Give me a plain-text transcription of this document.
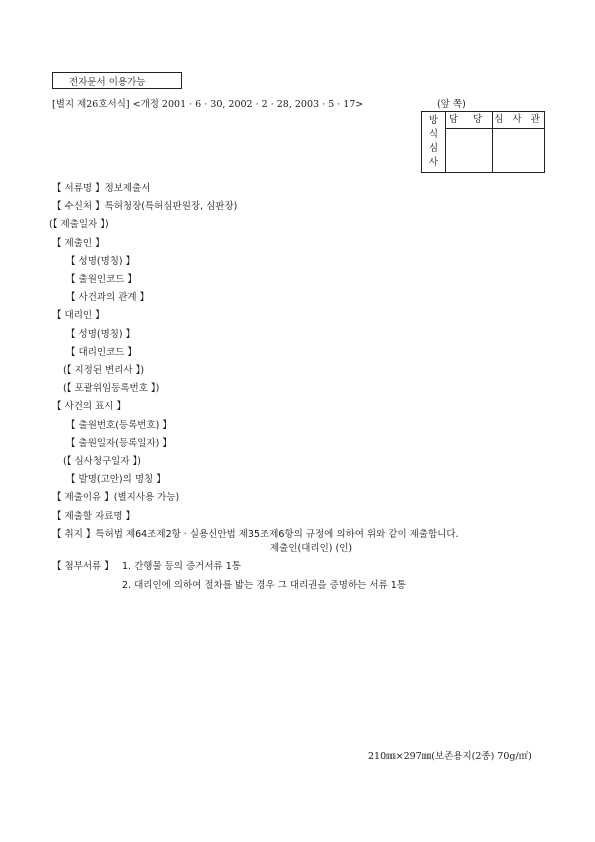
전자문서 이용가능
[별지 제26호서식] <개정 2001 · 6 · 30, 2002 · 2 · 28, 2003 · 5 · 17>	(앞 쪽)
방
식
심
사
담 당 심 사 관
【 서류명 】정보제출서
【 수신처 】특허청장(특허심판원장, 심판장)
(【 제출일자 】)
【 제출인 】
【 성명(명칭) 】
【 출원인코드 】
【 사건과의 관계 】
【 대리인 】
【 성명(명칭) 】
【 대리인코드 】
(【 지정된 변리사 】)
(【 포괄위임등록번호 】)
【 사건의 표시 】
【 출원번호(등록번호) 】
【 출원일자(등록일자) 】
(【 심사청구일자 】)
【 발명(고안)의 명칭 】
【 제출이유 】(별지사용 가능)
【 제출할 자료명 】
【 취지 】특허법 제64조제2항 · 실용신안법 제35조제6항의 규정에 의하여 위와 같이 제출합니다.
제출인(대리인) (인)
【 첨부서류 】 1. 간행물 등의 증거서류 1통
2. 대리인에 의하여 절차를 밟는 경우 그 대리권을 증명하는 서류 1통
210㎜×297㎜(보존용지(2종) 70g/㎡)
